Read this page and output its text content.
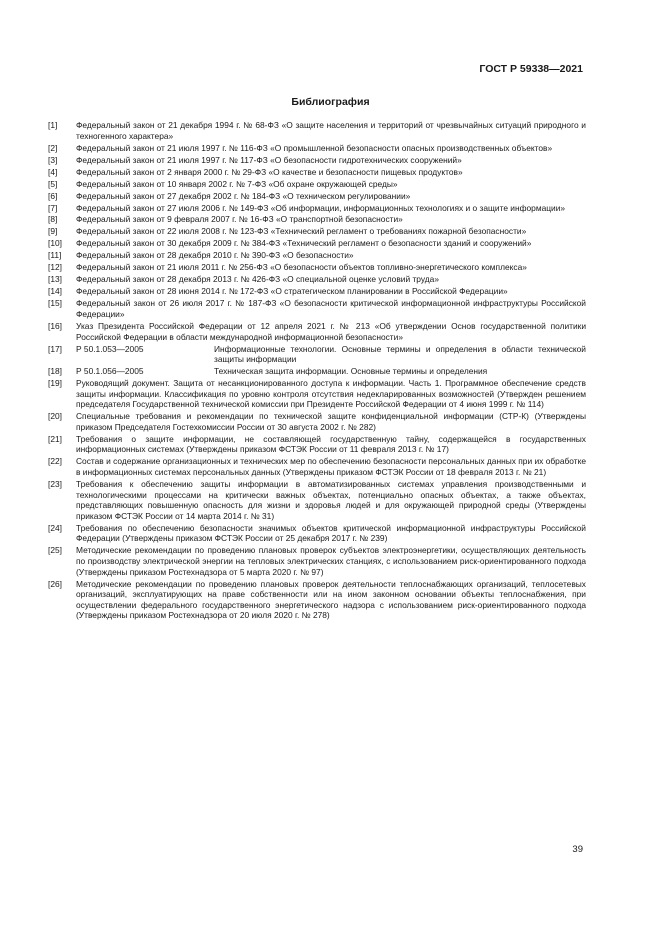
ГОСТ Р 59338—2021
Библиография
[1] Федеральный закон от 21 декабря 1994 г. № 68-ФЗ «О защите населения и территорий от чрезвычайных ситуаций природного и техногенного характера»
[2] Федеральный закон от 21 июля 1997 г. № 116-ФЗ «О промышленной безопасности опасных производственных объектов»
[3] Федеральный закон от 21 июля 1997 г. № 117-ФЗ «О безопасности гидротехнических сооружений»
[4] Федеральный закон от 2 января 2000 г. № 29-ФЗ «О качестве и безопасности пищевых продуктов»
[5] Федеральный закон от 10 января 2002 г. № 7-ФЗ «Об охране окружающей среды»
[6] Федеральный закон от 27 декабря 2002 г. № 184-ФЗ «О техническом регулировании»
[7] Федеральный закон от 27 июля 2006 г. № 149-ФЗ «Об информации, информационных технологиях и о защите информации»
[8] Федеральный закон от 9 февраля 2007 г. № 16-ФЗ «О транспортной безопасности»
[9] Федеральный закон от 22 июля 2008 г. № 123-ФЗ «Технический регламент о требованиях пожарной безопасности»
[10] Федеральный закон от 30 декабря 2009 г. № 384-ФЗ «Технический регламент о безопасности зданий и сооружений»
[11] Федеральный закон от 28 декабря 2010 г. № 390-ФЗ «О безопасности»
[12] Федеральный закон от 21 июля 2011 г. № 256-ФЗ «О безопасности объектов топливно-энергетического комплекса»
[13] Федеральный закон от 28 декабря 2013 г. № 426-ФЗ «О специальной оценке условий труда»
[14] Федеральный закон от 28 июня 2014 г. № 172-ФЗ «О стратегическом планировании в Российской Федерации»
[15] Федеральный закон от 26 июля 2017 г. № 187-ФЗ «О безопасности критической информационной инфраструктуры Российской Федерации»
[16] Указ Президента Российской Федерации от 12 апреля 2021 г. № 213 «Об утверждении Основ государственной политики Российской Федерации в области международной информационной безопасности»
[17] Р 50.1.053—2005	Информационные технологии. Основные термины и определения в области технической защиты информации
[18] Р 50.1.056—2005	Техническая защита информации. Основные термины и определения
[19] Руководящий документ. Защита от несанкционированного доступа к информации. Часть 1. Программное обеспечение средств защиты информации. Классификация по уровню контроля отсутствия недекларированных возможностей (Утвержден решением председателя Государственной технической комиссии при Президенте Российской Федерации от 4 июня 1999 г. № 114)
[20] Специальные требования и рекомендации по технической защите конфиденциальной информации (СТР-К) (Утверждены приказом Председателя Гостехкомиссии России от 30 августа 2002 г. № 282)
[21] Требования о защите информации, не составляющей государственную тайну, содержащейся в государственных информационных системах (Утверждены приказом ФСТЭК России от 11 февраля 2013 г. № 17)
[22] Состав и содержание организационных и технических мер по обеспечению безопасности персональных данных при их обработке в информационных системах персональных данных (Утверждены приказом ФСТЭК России от 18 февраля 2013 г. № 21)
[23] Требования к обеспечению защиты информации в автоматизированных системах управления производственными и технологическими процессами на критически важных объектах, потенциально опасных объектах, а также объектах, представляющих повышенную опасность для жизни и здоровья людей и для окружающей природной среды (Утверждены приказом ФСТЭК России от 14 марта 2014 г. № 31)
[24] Требования по обеспечению безопасности значимых объектов критической информационной инфраструктуры Российской Федерации (Утверждены приказом ФСТЭК России от 25 декабря 2017 г. № 239)
[25] Методические рекомендации по проведению плановых проверок субъектов электроэнергетики, осуществляющих деятельность по производству электрической энергии на тепловых электрических станциях, с использованием риск-ориентированного подхода (Утверждены приказом Ростехнадзора от 5 марта 2020 г. № 97)
[26] Методические рекомендации по проведению плановых проверок деятельности теплоснабжающих организаций, теплосетевых организаций, эксплуатирующих на праве собственности или на ином законном основании объекты теплоснабжения, при осуществлении федерального государственного энергетического надзора с использованием риск-ориентированного подхода (Утверждены приказом Ростехнадзора от 20 июля 2020 г. № 278)
39
